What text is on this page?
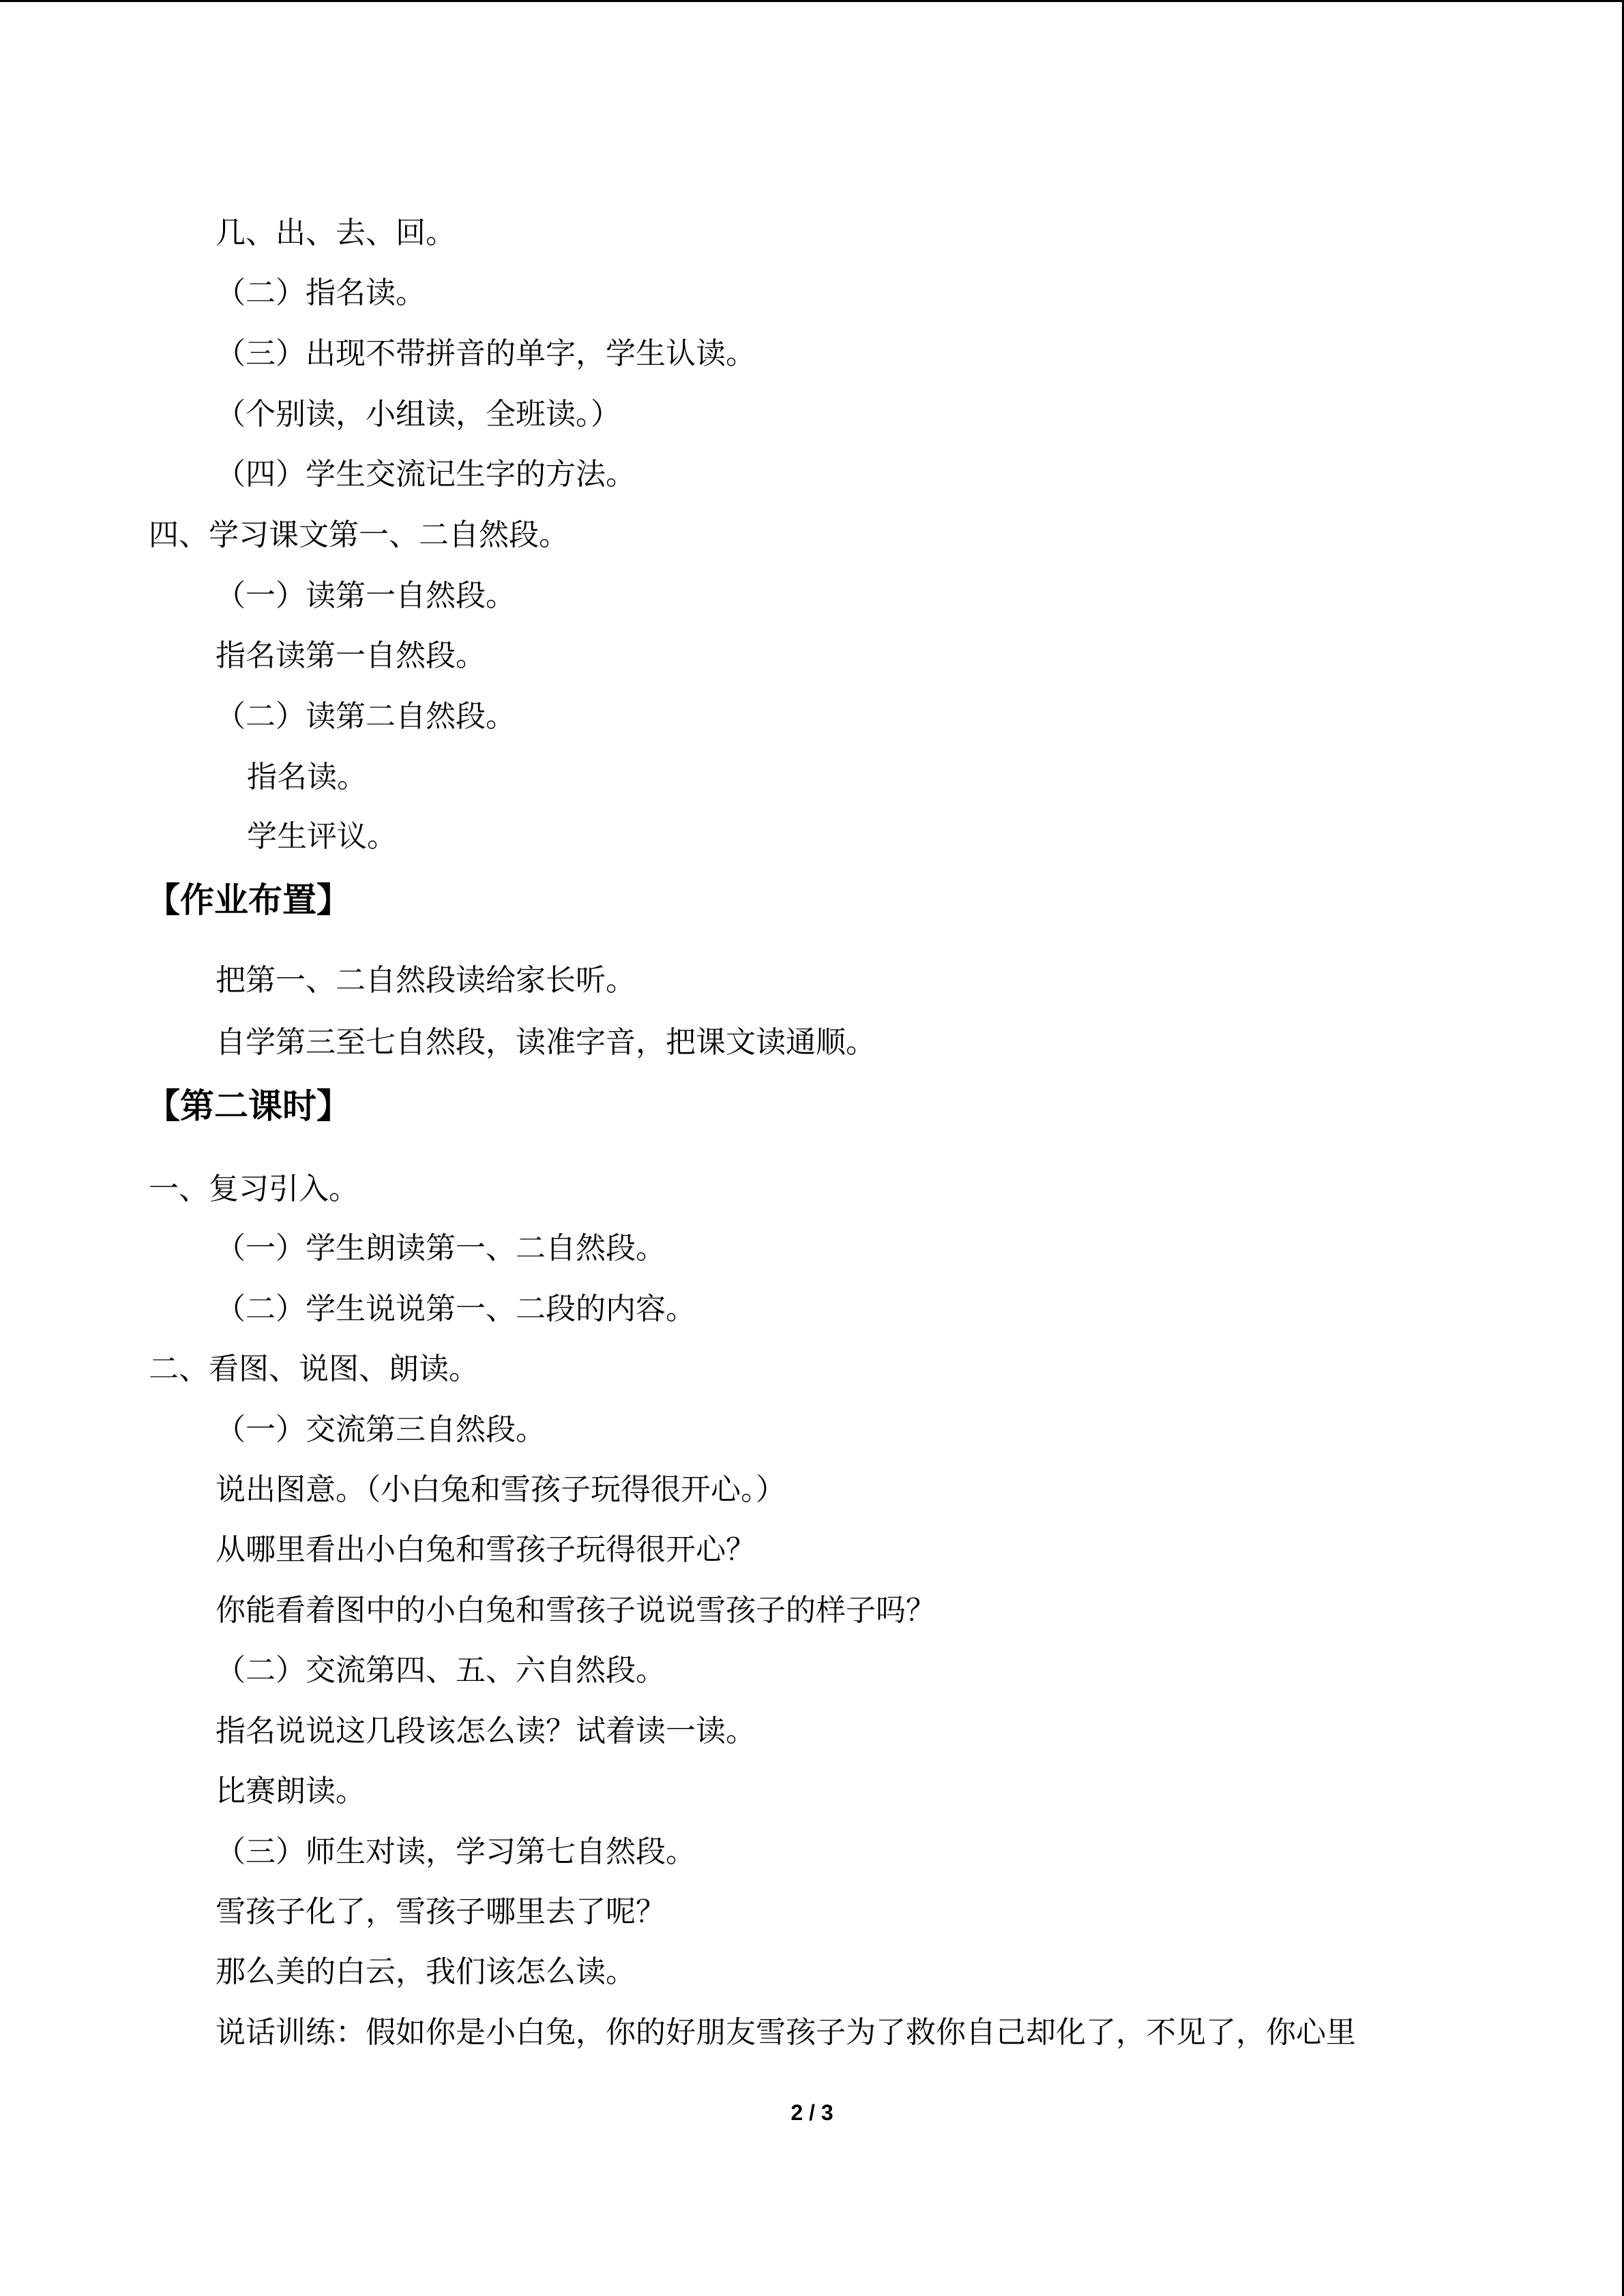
几、出、去、回。
（二）指名读。
（三）出现不带拼音的单字，学生认读。
（个别读，小组读，全班读。）
（四）学生交流记生字的方法。
四、学习课文第一、二自然段。
（一）读第一自然段。
指名读第一自然段。
（二）读第二自然段。
指名读。
学生评议。
【作业布置】
把第一、二自然段读给家长听。
自学第三至七自然段，读准字音，把课文读通顺。
【第二课时】
一、复习引入。
（一）学生朗读第一、二自然段。
（二）学生说说第一、二段的内容。
二、看图、说图、朗读。
（一）交流第三自然段。
说出图意。（小白兔和雪孩子玩得很开心。）
从哪里看出小白兔和雪孩子玩得很开心？
你能看着图中的小白兔和雪孩子说说雪孩子的样子吗？
（二）交流第四、五、六自然段。
指名说说这几段该怎么读？试着读一读。
比赛朗读。
（三）师生对读，学习第七自然段。
雪孩子化了，雪孩子哪里去了呢？
那么美的白云，我们该怎么读。
说话训练：假如你是小白兔，你的好朋友雪孩子为了救你自己却化了，不见了，你心里
2 / 3
